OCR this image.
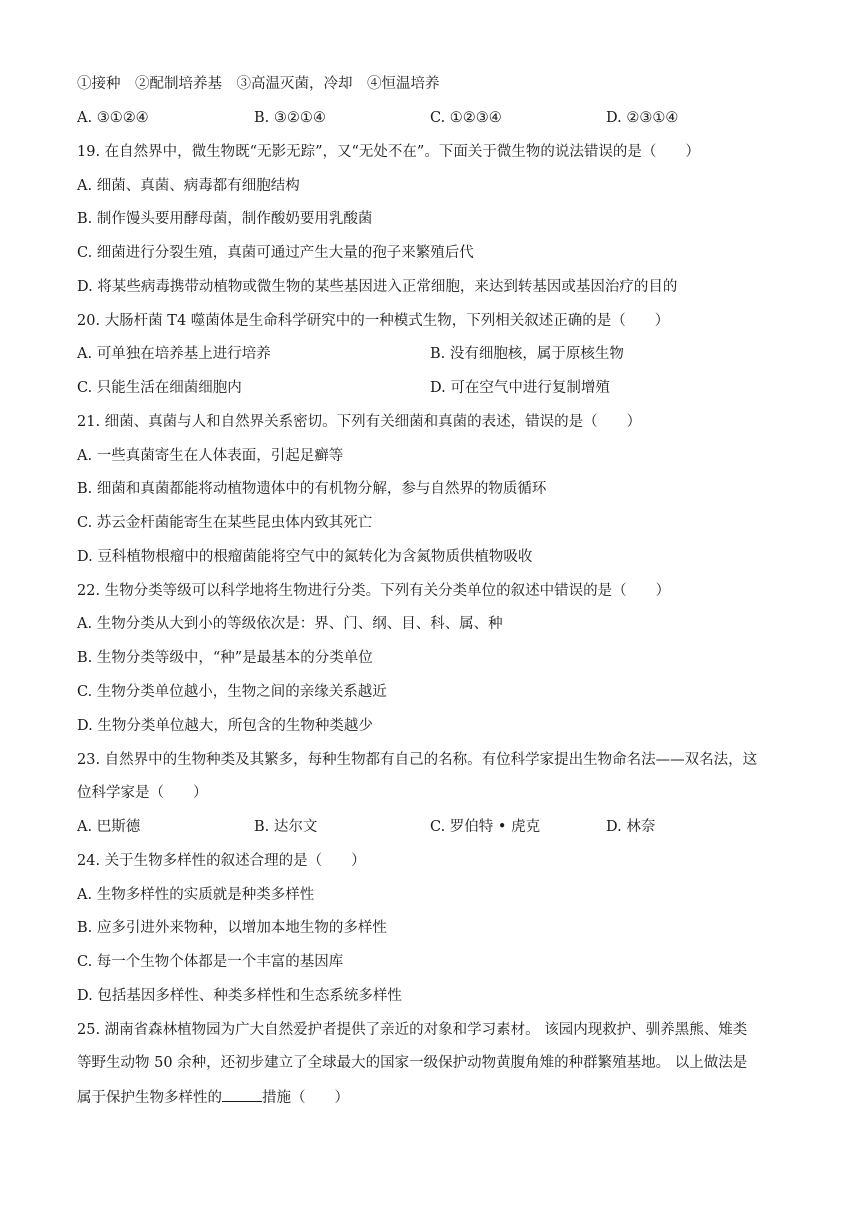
①接种　②配制培养基　③高温灭菌，冷却　④恒温培养
A. ③①②④	B. ③②①④	C. ①②③④	D. ②③①④
19. 在自然界中，微生物既“无影无踪”，又“无处不在”。下面关于微生物的说法错误的是（　　）
A. 细菌、真菌、病毒都有细胞结构
B. 制作馒头要用酵母菌，制作酸奶要用乳酸菌
C. 细菌进行分裂生殖，真菌可通过产生大量的孢子来繁殖后代
D. 将某些病毒携带动植物或微生物的某些基因进入正常细胞，来达到转基因或基因治疗的目的
20. 大肠杆菌 T4 噬菌体是生命科学研究中的一种模式生物，下列相关叙述正确的是（　　）
A. 可单独在培养基上进行培养	B. 没有细胞核，属于原核生物
C. 只能生活在细菌细胞内	D. 可在空气中进行复制增殖
21. 细菌、真菌与人和自然界关系密切。下列有关细菌和真菌的表述，错误的是（　　）
A. 一些真菌寄生在人体表面，引起足癣等
B. 细菌和真菌都能将动植物遗体中的有机物分解，参与自然界的物质循环
C. 苏云金杆菌能寄生在某些昆虫体内致其死亡
D. 豆科植物根瘤中的根瘤菌能将空气中的氮转化为含氮物质供植物吸收
22. 生物分类等级可以科学地将生物进行分类。下列有关分类单位的叙述中错误的是（　　）
A. 生物分类从大到小的等级依次是：界、门、纲、目、科、属、种
B. 生物分类等级中，“种”是最基本的分类单位
C. 生物分类单位越小，生物之间的亲缘关系越近
D. 生物分类单位越大，所包含的生物种类越少
23. 自然界中的生物种类及其繁多，每种生物都有自己的名称。有位科学家提出生物命名法——双名法，这
位科学家是（　　）
A. 巴斯德	B. 达尔文	C. 罗伯特 • 虎克	D. 林奈
24. 关于生物多样性的叙述合理的是（　　）
A. 生物多样性的实质就是种类多样性
B. 应多引进外来物种，以增加本地生物的多样性
C. 每一个生物个体都是一个丰富的基因库
D. 包括基因多样性、种类多样性和生态系统多样性
25. 湖南省森林植物园为广大自然爱护者提供了亲近的对象和学习素材。 该园内现救护、驯养黑熊、雉类
等野生动物 50 余种，还初步建立了全球最大的国家一级保护动物黄腹角雉的种群繁殖基地。 以上做法是
属于保护生物多样性的	措施（　　）
